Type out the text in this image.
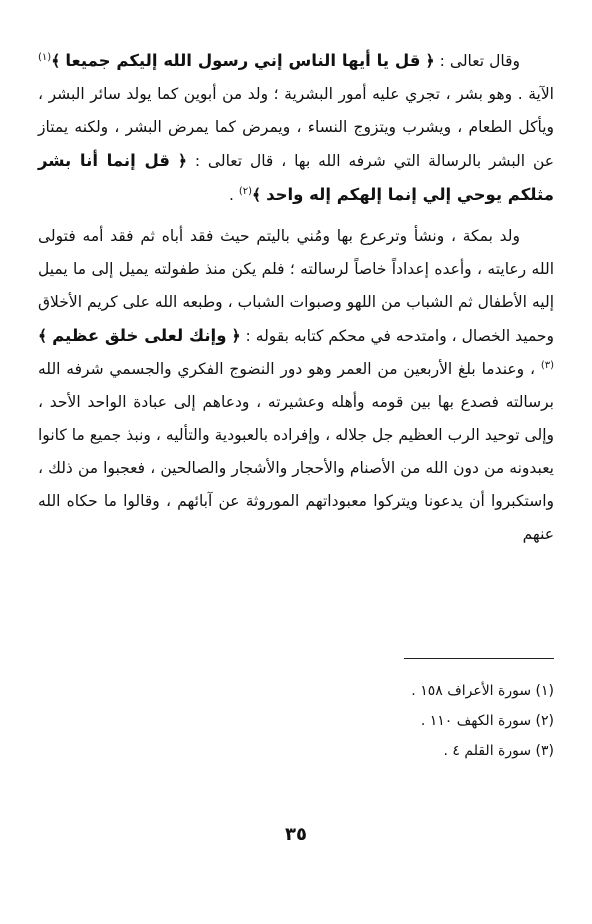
وقال تعالى : ﴿ قل يا أيها الناس إني رسول الله إليكم جميعا ﴾$^{(١)}$ الآية . وهو بشر ، تجري عليه أمور البشرية ؛ ولد من أبوين كما يولد سائر البشر ، ويأكل الطعام ، ويشرب ويتزوج النساء ، ويمرض كما يمرض البشر ، ولكنه يمتاز عن البشر بالرسالة التي شرفه الله بها ، قال تعالى : ﴿ قل إنما أنا بشر مثلكم يوحي إلي إنما إلهكم إله واحد ﴾$^{(٢)}$ .

ولد بمكة ، ونشأ وترعرع بها ومُني باليتم حيث فقد أباه ثم فقد أمه فتولى الله رعايته ، وأعده إعداداً خاصاً لرسالته ؛ فلم يكن منذ طفولته يميل إلى ما يميل إليه الأطفال ثم الشباب من اللهو وصبوات الشباب ، وطبعه الله على كريم الأخلاق وحميد الخصال ، وامتدحه في محكم كتابه بقوله : ﴿ وإنك لعلى خلق عظيم ﴾$^{(٣)}$ ، وعندما بلغ الأربعين من العمر وهو دور النضوج الفكري والجسمي شرفه الله برسالته فصدع بها بين قومه وأهله وعشيرته ، ودعاهم إلى عبادة الواحد الأحد ، وإلى توحيد الرب العظيم جل جلاله ، وإفراده بالعبودية والتأليه ، ونبذ جميع ما كانوا يعبدونه من دون الله من الأصنام والأحجار والأشجار والصالحين ، فعجبوا من ذلك ، واستكبروا أن يدعونا ويتركوا معبوداتهم الموروثة عن آبائهم ، وقالوا ما حكاه الله عنهم

(١) سورة الأعراف ١٥٨ .
(٢) سورة الكهف ١١٠ .
(٣) سورة القلم ٤ .
٣٥
